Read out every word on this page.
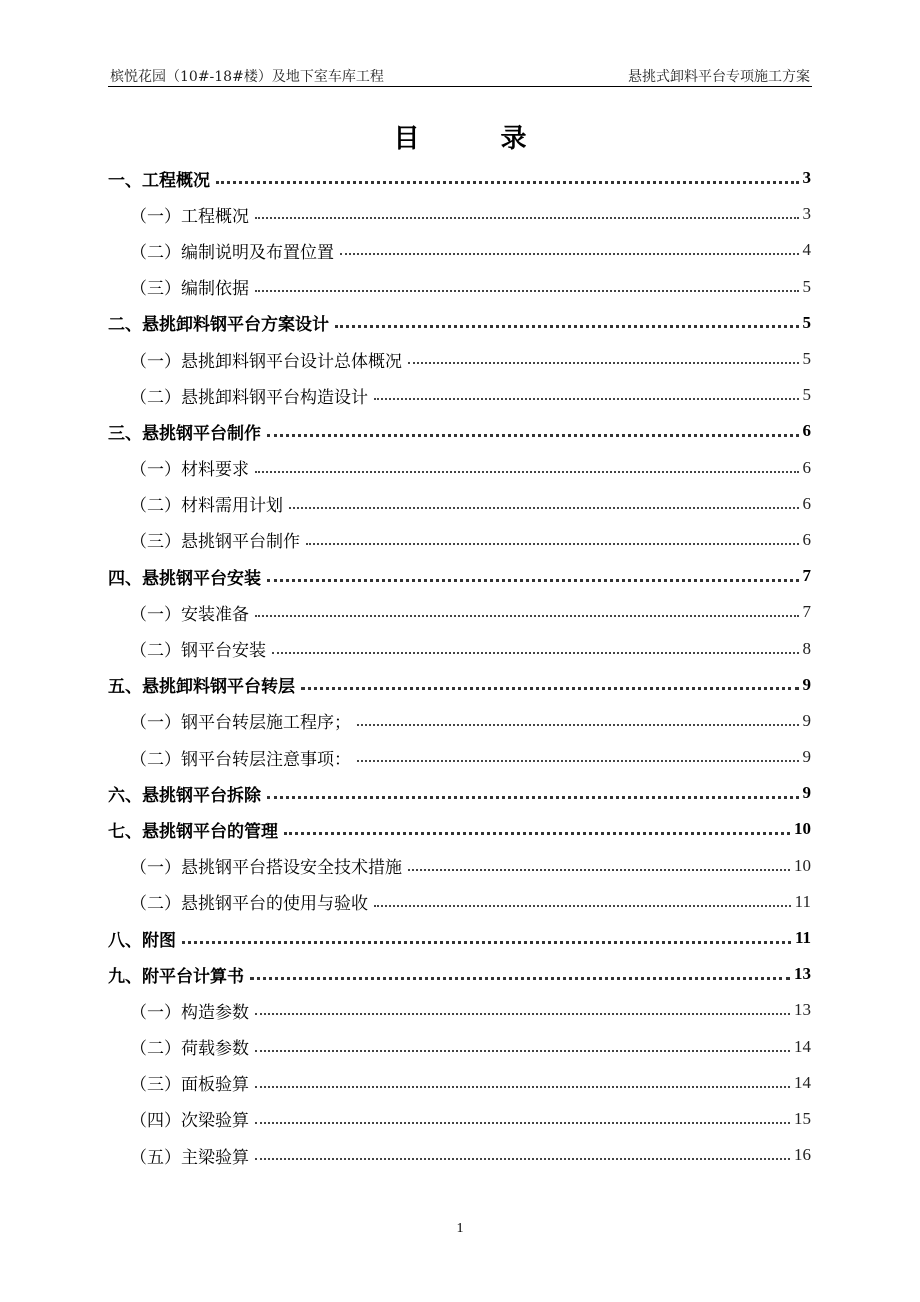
槟悦花园（10#-18#楼）及地下室车库工程	悬挑式卸料平台专项施工方案
目 录
一、工程概况	3
（一）工程概况	3
（二）编制说明及布置位置	4
（三）编制依据	5
二、悬挑卸料钢平台方案设计	5
（一）悬挑卸料钢平台设计总体概况	5
（二）悬挑卸料钢平台构造设计	5
三、悬挑钢平台制作	6
（一）材料要求	6
（二）材料需用计划	6
（三）悬挑钢平台制作	6
四、悬挑钢平台安装	7
（一）安装准备	7
（二）钢平台安装	8
五、悬挑卸料钢平台转层	9
（一）钢平台转层施工程序；	9
（二）钢平台转层注意事项：	9
六、悬挑钢平台拆除	9
七、悬挑钢平台的管理	10
（一）悬挑钢平台搭设安全技术措施	10
（二）悬挑钢平台的使用与验收	11
八、附图	11
九、附平台计算书	13
（一）构造参数	13
（二）荷载参数	14
（三）面板验算	14
（四）次梁验算	15
（五）主梁验算	16
1
